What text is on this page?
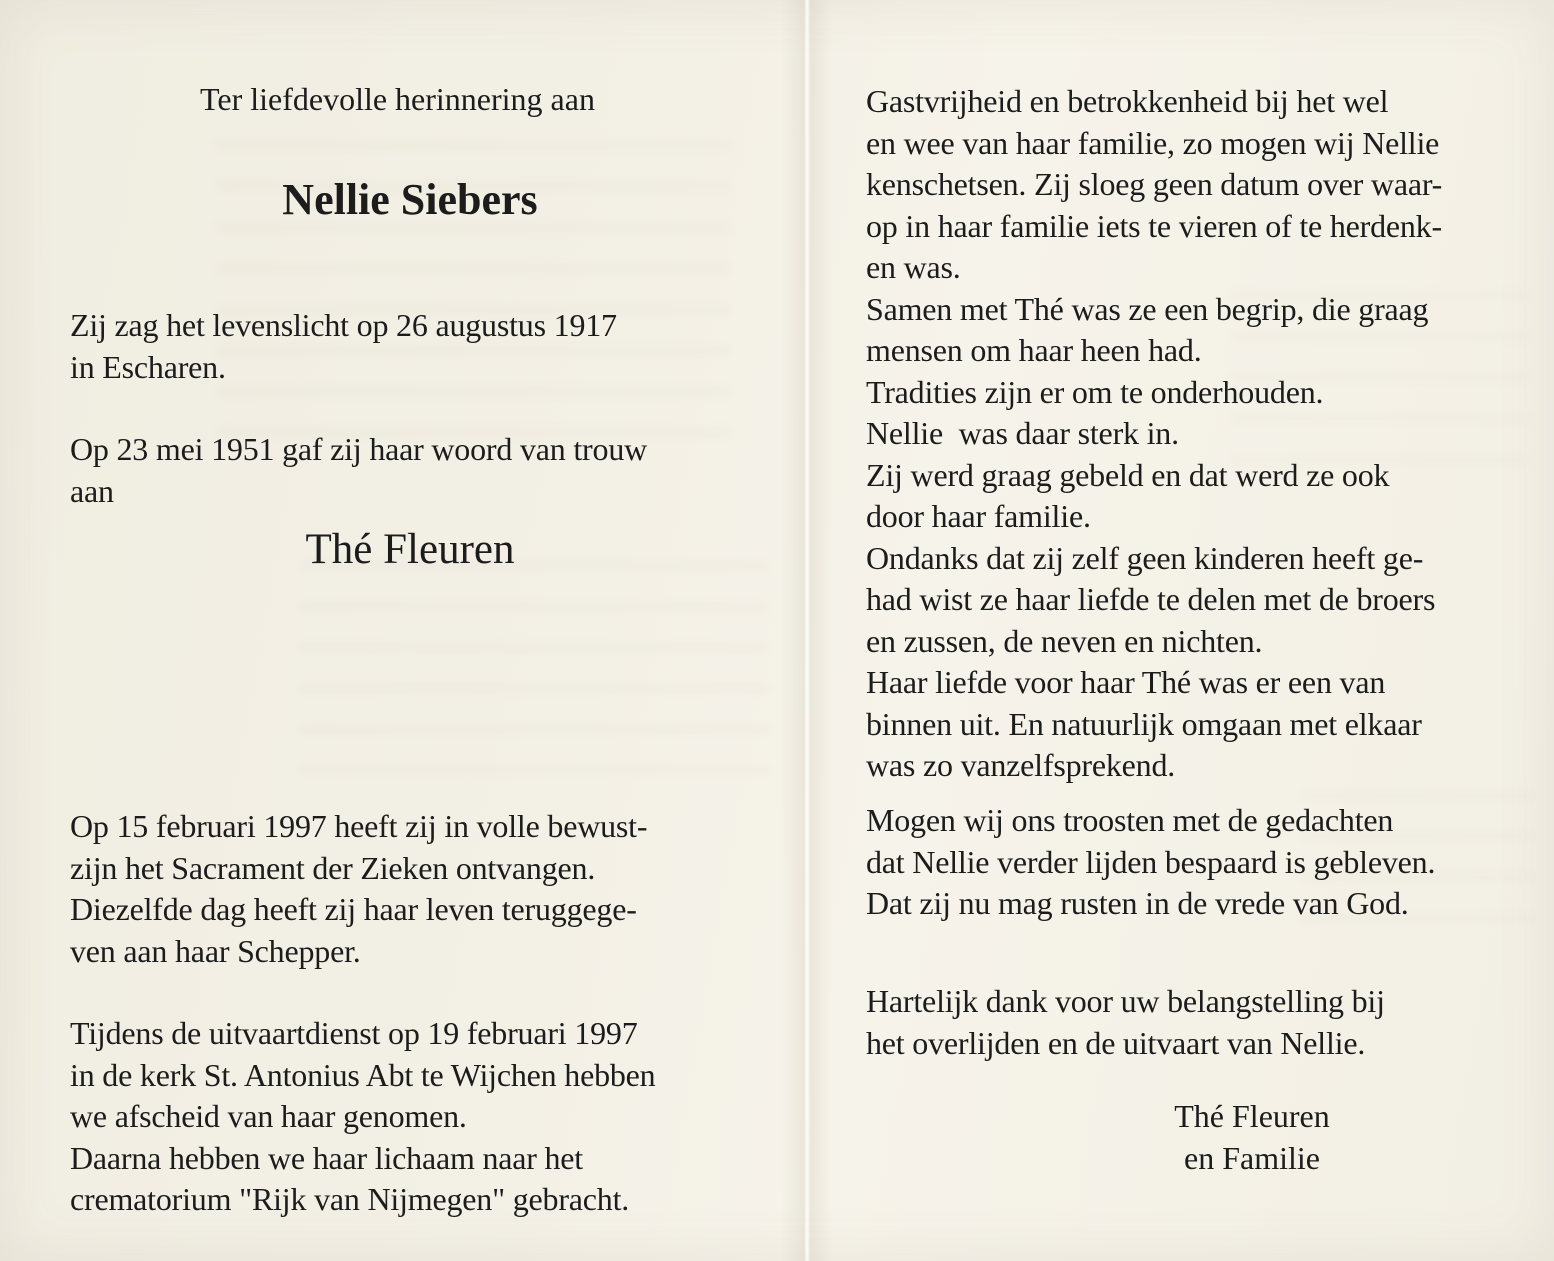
Ter liefdevolle herinnering aan
Nellie Siebers
Zij zag het levenslicht op 26 augustus 1917
in Escharen.
Op 23 mei 1951 gaf zij haar woord van trouw
aan
Thé Fleuren
Op 15 februari 1997 heeft zij in volle bewust-
zijn het Sacrament der Zieken ontvangen.
Diezelfde dag heeft zij haar leven teruggege-
ven aan haar Schepper.
Tijdens de uitvaartdienst op 19 februari 1997
in de kerk St. Antonius Abt te Wijchen hebben
we afscheid van haar genomen.
Daarna hebben we haar lichaam naar het
crematorium "Rijk van Nijmegen" gebracht.
Gastvrijheid en betrokkenheid bij het wel
en wee van haar familie, zo mogen wij Nellie
kenschetsen. Zij sloeg geen datum over waar-
op in haar familie iets te vieren of te herdenk-
en was.
Samen met Thé was ze een begrip, die graag
mensen om haar heen had.
Tradities zijn er om te onderhouden.
Nellie  was daar sterk in.
Zij werd graag gebeld en dat werd ze ook
door haar familie.
Ondanks dat zij zelf geen kinderen heeft ge-
had wist ze haar liefde te delen met de broers
en zussen, de neven en nichten.
Haar liefde voor haar Thé was er een van
binnen uit. En natuurlijk omgaan met elkaar
was zo vanzelfsprekend.
Mogen wij ons troosten met de gedachten
dat Nellie verder lijden bespaard is gebleven.
Dat zij nu mag rusten in de vrede van God.
Hartelijk dank voor uw belangstelling bij
het overlijden en de uitvaart van Nellie.
Thé Fleuren
en Familie
